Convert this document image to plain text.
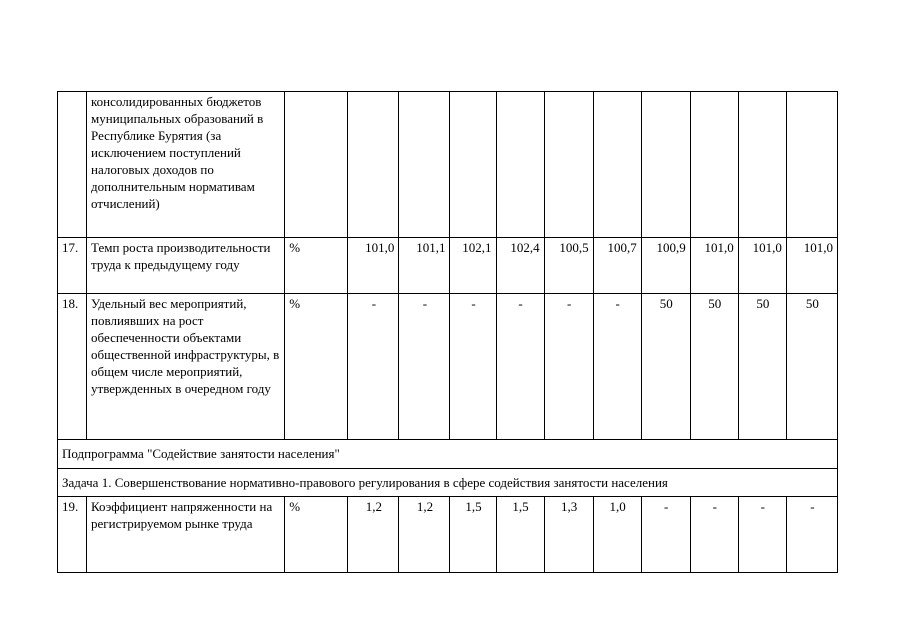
	консолидированных бюджетов муниципальных образований в Республике Бурятия (за исключением поступлений налоговых доходов по дополнительным нормативам отчислений)											
17.	Темп роста производительности труда к предыдущему году	%	101,0	101,1	102,1	102,4	100,5	100,7	100,9	101,0	101,0	101,0
18.	Удельный вес мероприятий, повлиявших на рост обеспеченности объектами общественной инфраструктуры, в общем числе мероприятий, утвержденных в очередном году	%	-	-	-	-	-	-	50	50	50	50
Подпрограмма "Содействие занятости населения"												
Задача 1. Совершенствование нормативно-правового регулирования в сфере содействия занятости населения												
19.	Коэффициент напряженности на регистрируемом рынке труда	%	1,2	1,2	1,5	1,5	1,3	1,0	-	-	-	-
